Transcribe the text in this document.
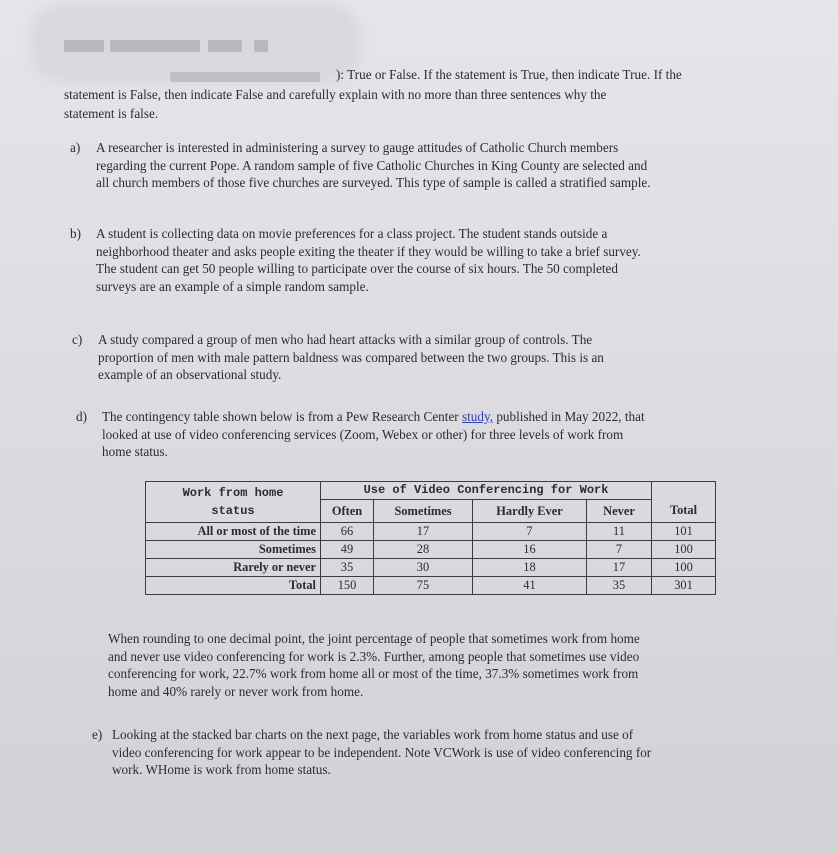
): True or False. If the statement is True, then indicate True. If the
statement is False, then indicate False and carefully explain with no more than three sentences why the
statement is false.
a) A researcher is interested in administering a survey to gauge attitudes of Catholic Church members
regarding the current Pope. A random sample of five Catholic Churches in King County are selected and
all church members of those five churches are surveyed. This type of sample is called a stratified sample.
b) A student is collecting data on movie preferences for a class project. The student stands outside a
neighborhood theater and asks people exiting the theater if they would be willing to take a brief survey.
The student can get 50 people willing to participate over the course of six hours. The 50 completed
surveys are an example of a simple random sample.
c) A study compared a group of men who had heart attacks with a similar group of controls. The
proportion of men with male pattern baldness was compared between the two groups. This is an
example of an observational study.
d) The contingency table shown below is from a Pew Research Center study, published in May 2022, that
looked at use of video conferencing services (Zoom, Webex or other) for three levels of work from
home status.
Work from home
status	Use of Video Conferencing for Work				
	Often	Sometimes	Hardly Ever	Never	Total
All or most of the time	66	17	7	11	101
Sometimes	49	28	16	7	100
Rarely or never	35	30	18	17	100
Total	150	75	41	35	301
When rounding to one decimal point, the joint percentage of people that sometimes work from home
and never use video conferencing for work is 2.3%. Further, among people that sometimes use video
conferencing for work, 22.7% work from home all or most of the time, 37.3% sometimes work from
home and 40% rarely or never work from home.
e) Looking at the stacked bar charts on the next page, the variables work from home status and use of
video conferencing for work appear to be independent. Note VCWork is use of video conferencing for
work. WHome is work from home status.
